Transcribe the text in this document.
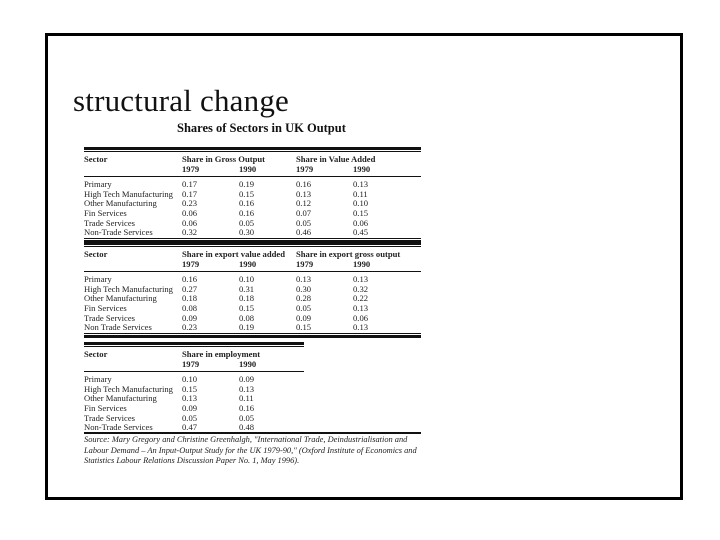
structural change
Shares of Sectors in UK Output
Sector	Share in Gross Output	Share in Value Added
1979	1990	1979	1990
Primary	0.17	0.19	0.16	0.13
High Tech Manufacturing	0.17	0.15	0.13	0.11
Other Manufacturing	0.23	0.16	0.12	0.10
Fin Services	0.06	0.16	0.07	0.15
Trade Services	0.06	0.05	0.05	0.06
Non-Trade Services	0.32	0.30	0.46	0.45
Sector	Share in export value added	Share in export gross output
1979	1990	1979	1990
Primary	0.16	0.10	0.13	0.13
High Tech Manufacturing	0.27	0.31	0.30	0.32
Other Manufacturing	0.18	0.18	0.28	0.22
Fin Services	0.08	0.15	0.05	0.13
Trade Services	0.09	0.08	0.09	0.06
Non Trade Services	0.23	0.19	0.15	0.13
Sector	Share in employment
1979	1990
Primary	0.10	0.09
High Tech Manufacturing	0.15	0.13
Other Manufacturing	0.13	0.11
Fin Services	0.09	0.16
Trade Services	0.05	0.05
Non-Trade Services	0.47	0.48
Source: Mary Gregory and Christine Greenhalgh, "International Trade, Deindustrialisation and Labour Demand – An Input-Output Study for the UK 1979-90," (Oxford Institute of Economics and Statistics Labour Relations Discussion Paper No. 1, May 1996).
